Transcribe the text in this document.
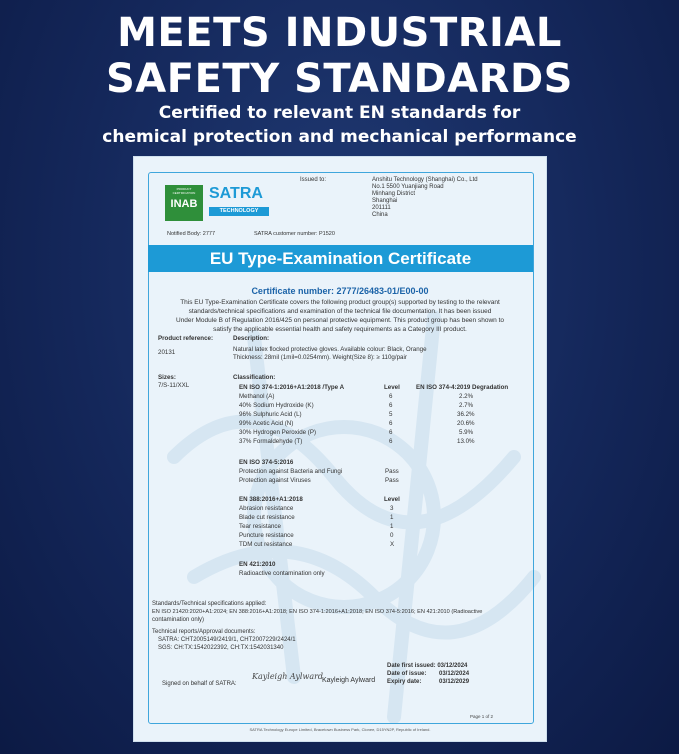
MEETS INDUSTRIAL
SAFETY STANDARDS
Certified to relevant EN standards for
chemical protection and mechanical performance
PRODUCT CERTIFICATION
INAB
SATRA
TECHNOLOGY
Issued to:	Anshitu Technology (Shanghai) Co., Ltd
No.1 5500 Yuanjiang Road
Minhang District
Shanghai
201111
China
Notified Body: 2777	SATRA customer number: P1520
EU Type-Examination Certificate
Certificate number: 2777/26483-01/E00-00
This EU Type-Examination Certificate covers the following product group(s) supported by testing to the relevant
standards/technical specifications and examination of the technical file documentation. It has been issued
Under Module B of Regulation 2016/425 on personal protective equipment. This product group has been shown to
satisfy the applicable essential health and safety requirements as a Category III product.
Product reference:	Description:
20131	Natural latex flocked protective gloves. Available colour: Black, Orange
Thickness: 28mil (1mil=0.0254mm). Weight(Size 8): ≥ 110g/pair
Sizes:
7/S-11/XXL
Classification:
EN ISO 374-1:2016+A1:2018 /Type A	Level	EN ISO 374-4:2019 Degradation
Methanol (A)	6	2.2%
40% Sodium Hydroxide (K)	6	2.7%
96% Sulphuric Acid (L)	5	36.2%
99% Acetic Acid (N)	6	20.6%
30% Hydrogen Peroxide (P)	6	5.9%
37% Formaldehyde (T)	6	13.0%
EN ISO 374-5:2016
Protection against Bacteria and Fungi	Pass
Protection against Viruses	Pass
EN 388:2016+A1:2018	Level
Abrasion resistance	3
Blade cut resistance	1
Tear resistance	1
Puncture resistance	0
TDM cut resistance	X
EN 421:2010
Radioactive contamination only
Standards/Technical specifications applied:
EN ISO 21420:2020+A1:2024; EN 388:2016+A1:2018; EN ISO 374-1:2016+A1:2018; EN ISO 374-5:2016; EN 421:2010 (Radioactive
contamination only)
Technical reports/Approval documents:
SATRA: CHT2005149/2419/1, CHT2007229/2424/1
SGS: CH:TX:1542022392, CH:TX:1542031340
Date first issued: 03/12/2024
Date of issue: 03/12/2024
Expiry date:	03/12/2029
Signed on behalf of SATRA:
Kayleigh Aylward
Kayleigh Aylward
Page 1 of 2
SATRA Technology Europe Limited, Bracetown Business Park, Clonee, D15YN2P, Republic of Ireland.
